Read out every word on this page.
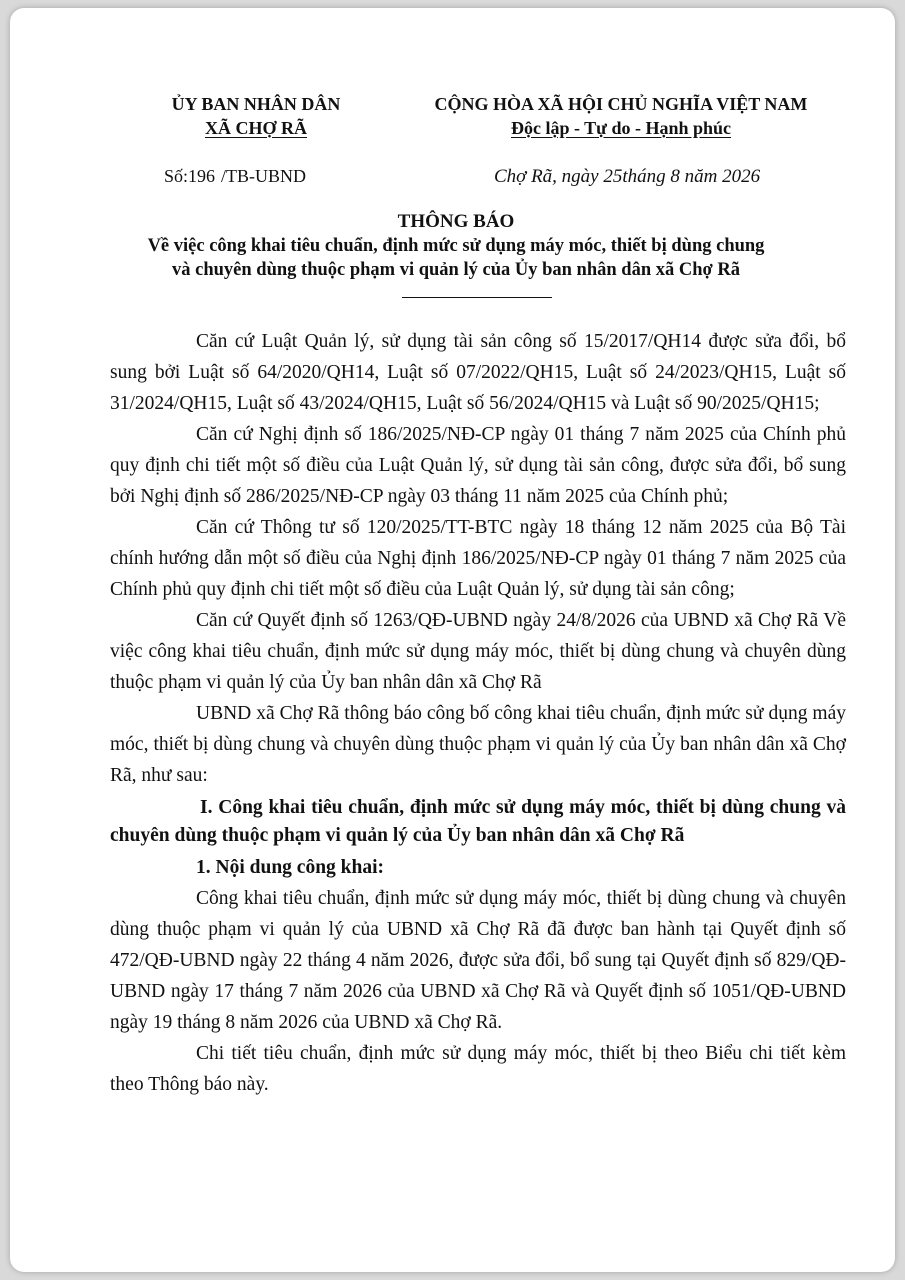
ỦY BAN NHÂN DÂN
XÃ CHỢ RÃ
CỘNG HÒA XÃ HỘI CHỦ NGHĨA VIỆT NAM
Độc lập - Tự do - Hạnh phúc
Số:196 /TB-UBND	Chợ Rã, ngày 25tháng 8 năm 2026
THÔNG BÁO
Về việc công khai tiêu chuẩn, định mức sử dụng máy móc, thiết bị dùng chung
và chuyên dùng thuộc phạm vi quản lý của Ủy ban nhân dân xã Chợ Rã

Căn cứ Luật Quản lý, sử dụng tài sản công số 15/2017/QH14 được sửa đổi, bổ sung bởi Luật số 64/2020/QH14, Luật số 07/2022/QH15, Luật số 24/2023/QH15, Luật số 31/2024/QH15, Luật số 43/2024/QH15, Luật số 56/2024/QH15 và Luật số 90/2025/QH15;

Căn cứ Nghị định số 186/2025/NĐ-CP ngày 01 tháng 7 năm 2025 của Chính phủ quy định chi tiết một số điều của Luật Quản lý, sử dụng tài sản công, được sửa đổi, bổ sung bởi Nghị định số 286/2025/NĐ-CP ngày 03 tháng 11 năm 2025 của Chính phủ;

Căn cứ Thông tư số 120/2025/TT-BTC ngày 18 tháng 12 năm 2025 của Bộ Tài chính hướng dẫn một số điều của Nghị định 186/2025/NĐ-CP ngày 01 tháng 7 năm 2025 của Chính phủ quy định chi tiết một số điều của Luật Quản lý, sử dụng tài sản công;

Căn cứ Quyết định số 1263/QĐ-UBND ngày 24/8/2026 của UBND xã Chợ Rã Về việc công khai tiêu chuẩn, định mức sử dụng máy móc, thiết bị dùng chung và chuyên dùng thuộc phạm vi quản lý của Ủy ban nhân dân xã Chợ Rã

UBND xã Chợ Rã thông báo công bố công khai tiêu chuẩn, định mức sử dụng máy móc, thiết bị dùng chung và chuyên dùng thuộc phạm vi quản lý của Ủy ban nhân dân xã Chợ Rã, như sau:

I. Công khai tiêu chuẩn, định mức sử dụng máy móc, thiết bị dùng chung và chuyên dùng thuộc phạm vi quản lý của Ủy ban nhân dân xã Chợ Rã

1. Nội dung công khai:

Công khai tiêu chuẩn, định mức sử dụng máy móc, thiết bị dùng chung và chuyên dùng thuộc phạm vi quản lý của UBND xã Chợ Rã đã được ban hành tại Quyết định số 472/QĐ-UBND ngày 22 tháng 4 năm 2026, được sửa đổi, bổ sung tại Quyết định số 829/QĐ-UBND ngày 17 tháng 7 năm 2026 của UBND xã Chợ Rã và Quyết định số 1051/QĐ-UBND ngày 19 tháng 8 năm 2026 của UBND xã Chợ Rã.

Chi tiết tiêu chuẩn, định mức sử dụng máy móc, thiết bị theo Biểu chi tiết kèm theo Thông báo này.
